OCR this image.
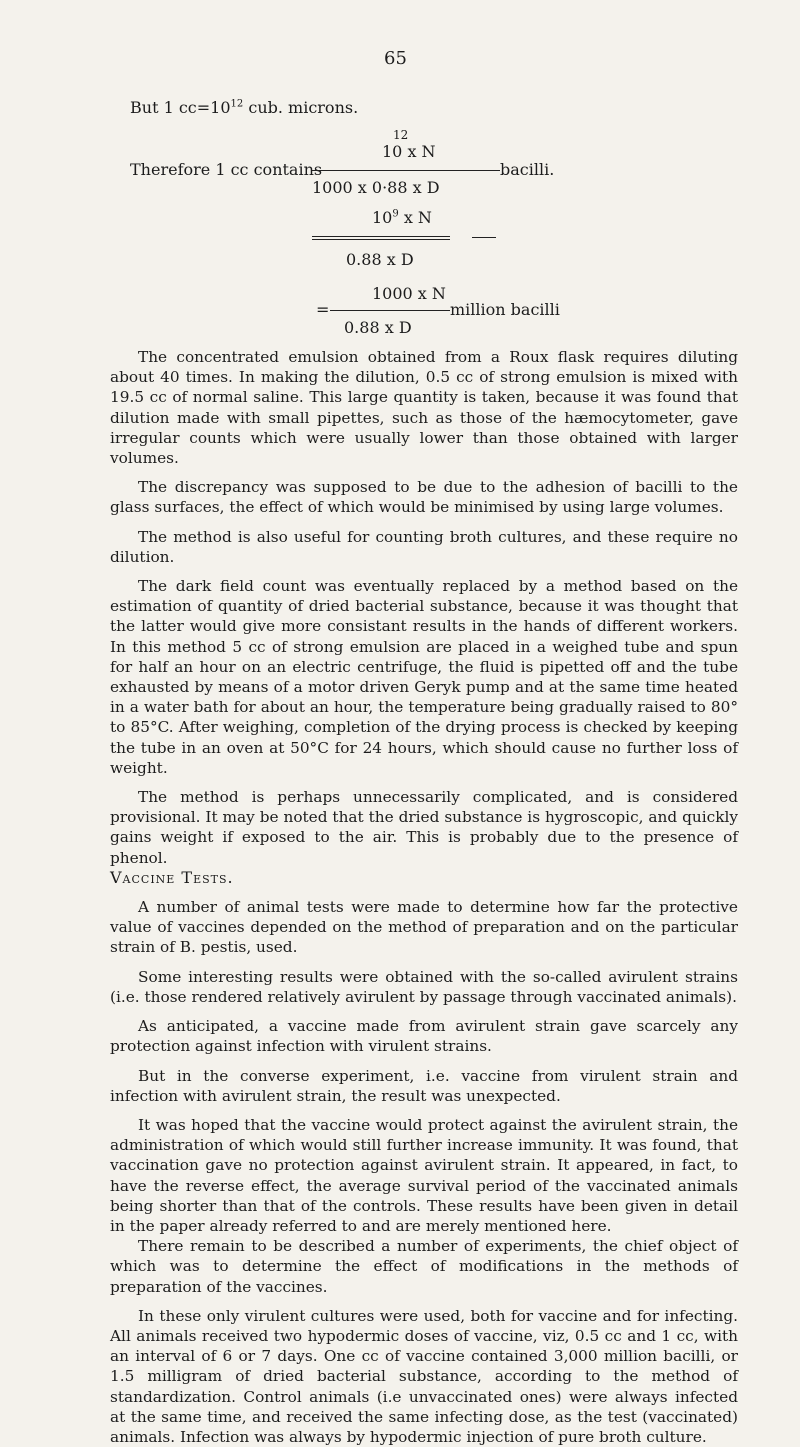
65
But 1 $cc=10^{12}$ cub. microns.
12
10 x N
Therefore 1 cc contains	bacilli.
1000 x 0·88 x D
$10^9$ x N
0.88 x D
1000 x N
=	million bacilli
0.88 x D

The concentrated emulsion obtained from a Roux flask requires diluting about 40 times. In making the dilution, 0.5 cc of strong emulsion is mixed with 19.5 cc of normal saline. This large quantity is taken, because it was found that dilution made with small pipettes, such as those of the hæmocytometer, gave irregular counts which were usually lower than those obtained with larger volumes.

The discrepancy was supposed to be due to the adhesion of bacilli to the glass surfaces, the effect of which would be minimised by using large volumes.

The method is also useful for counting broth cultures, and these require no dilution.

The dark field count was eventually replaced by a method based on the estimation of quantity of dried bacterial substance, because it was thought that the latter would give more consistant results in the hands of different workers. In this method 5 cc of strong emulsion are placed in a weighed tube and spun for half an hour on an electric centrifuge, the fluid is pipetted off and the tube exhausted by means of a motor driven Geryk pump and at the same time heated in a water bath for about an hour, the temperature being gradually raised to 80° to 85°C. After weighing, completion of the drying process is checked by keeping the tube in an oven at 50°C for 24 hours, which should cause no further loss of weight.

The method is perhaps unnecessarily complicated, and is considered provisional. It may be noted that the dried substance is hygroscopic, and quickly gains weight if exposed to the air. This is probably due to the presence of phenol.

Vaccine Tests.

A number of animal tests were made to determine how far the protective value of vaccines depended on the method of preparation and on the particular strain of B. pestis, used.

Some interesting results were obtained with the so-called avirulent strains (i.e. those rendered relatively avirulent by passage through vaccinated animals).

As anticipated, a vaccine made from avirulent strain gave scarcely any protection against infection with virulent strains.

But in the converse experiment, i.e. vaccine from virulent strain and infection with avirulent strain, the result was unexpected.

It was hoped that the vaccine would protect against the avirulent strain, the administration of which would still further increase immunity. It was found, that vaccination gave no protection against avirulent strain. It appeared, in fact, to have the reverse effect, the average survival period of the vaccinated animals being shorter than that of the controls. These results have been given in detail in the paper already referred to and are merely mentioned here.

There remain to be described a number of experiments, the chief object of which was to determine the effect of modifications in the methods of preparation of the vaccines.

In these only virulent cultures were used, both for vaccine and for infecting. All animals received two hypodermic doses of vaccine, viz, 0.5 cc and 1 cc, with an interval of 6 or 7 days. One cc of vaccine contained 3,000 million bacilli, or 1.5 milligram of dried bacterial substance, according to the method of standardization. Control animals (i.e unvaccinated ones) were always infected at the same time, and received the same infecting dose, as the test (vaccinated) animals. Infection was always by hypodermic injection of pure broth culture.
